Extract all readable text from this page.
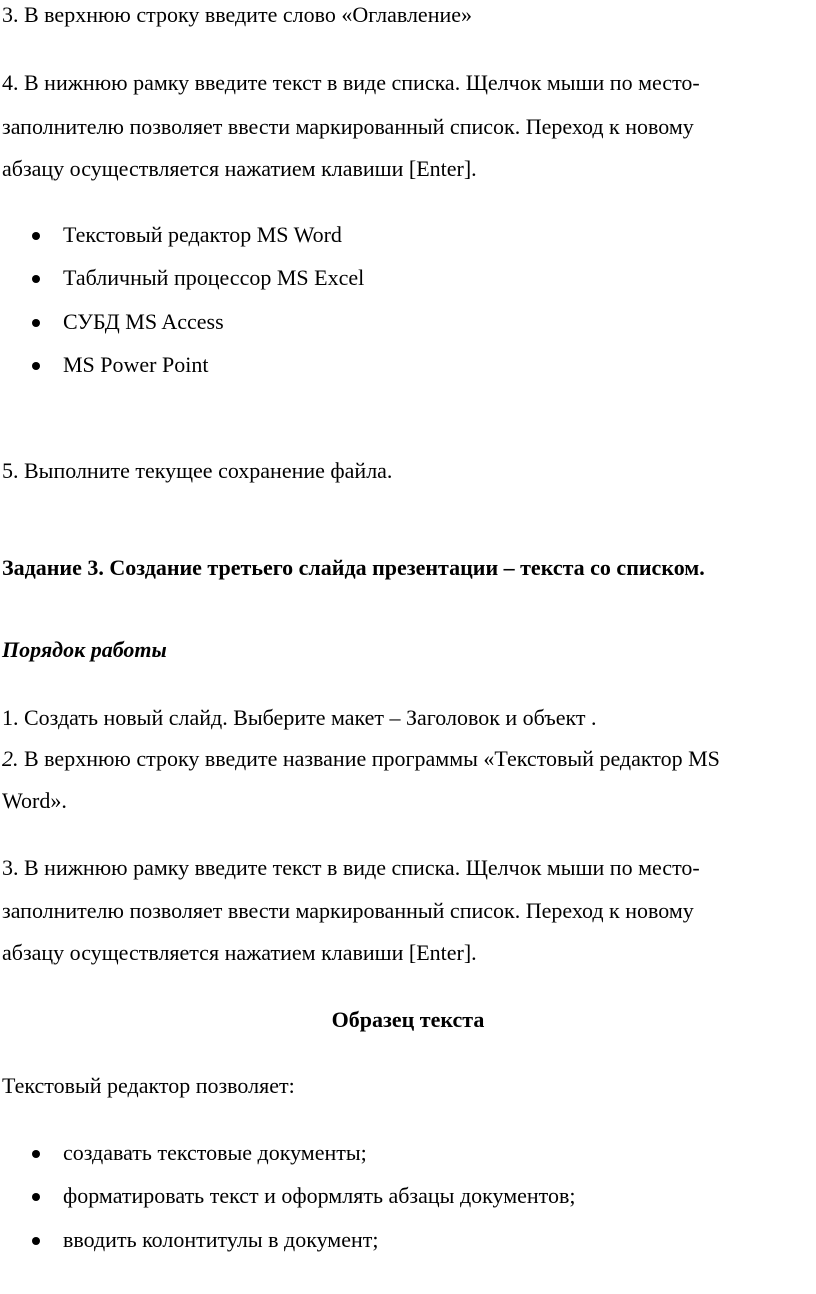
3. В верхнюю строку введите слово «Оглавление»
4. В нижнюю рамку введите текст в виде списка. Щелчок мыши по место-
заполнителю позволяет ввести маркированный список. Переход к новому
абзацу осуществляется нажатием клавиши [Enter].
Текстовый редактор MS Word
Табличный процессор MS Excel
СУБД MS Access
MS Power Point
5. Выполните текущее сохранение файла.
Задание 3. Создание третьего слайда презентации – текста со списком.
Порядок работы
1. Создать новый слайд. Выберите макет – Заголовок и объект .
2. В верхнюю строку введите название программы «Текстовый редактор MS
Word».
3. В нижнюю рамку введите текст в виде списка. Щелчок мыши по место-
заполнителю позволяет ввести маркированный список. Переход к новому
абзацу осуществляется нажатием клавиши [Enter].
Образец текста
Текстовый редактор позволяет:
создавать текстовые документы;
форматировать текст и оформлять абзацы документов;
вводить колонтитулы в документ;
